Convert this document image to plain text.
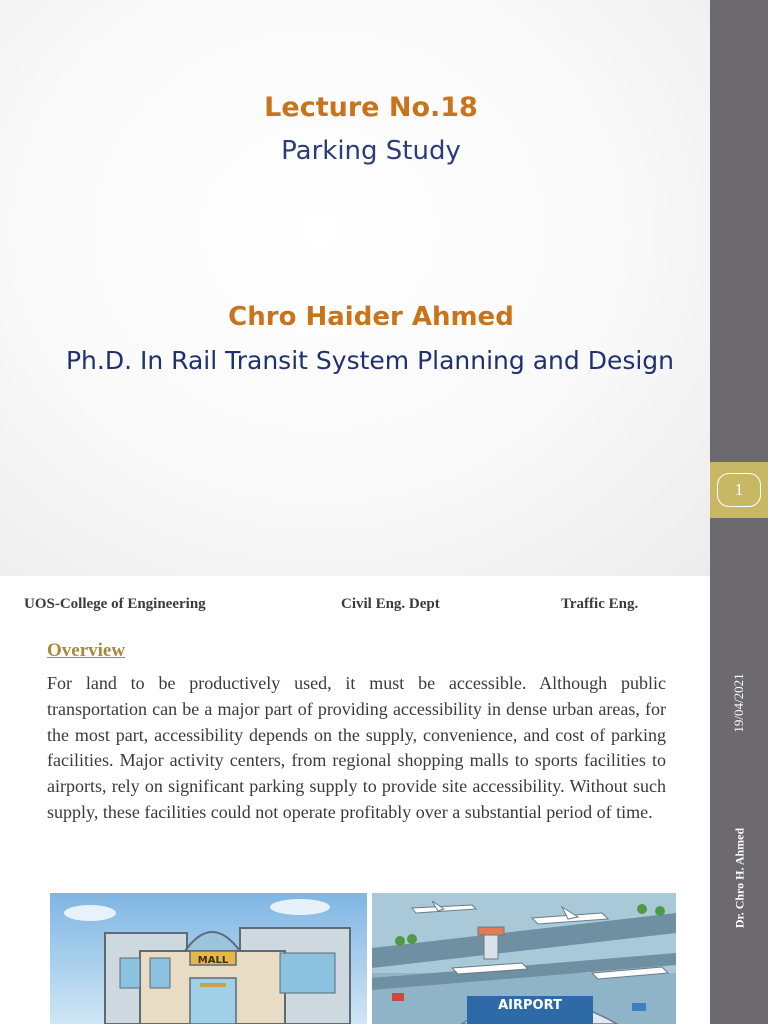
1
19/04/2021
Dr. Chro H. Ahmed
Lecture No.18
Parking Study
Chro Haider Ahmed
Ph.D. In Rail Transit System Planning and Design
UOS-College of Engineering	Civil Eng. Dept	Traffic Eng.
Overview
For land to be productively used, it must be accessible. Although public transportation can be a major part of providing accessibility in dense urban areas, for the most part, accessibility depends on the supply, convenience, and cost of parking facilities. Major activity centers, from regional shopping malls to sports facilities to airports, rely on significant parking supply to provide site accessibility. Without such supply, these facilities could not operate profitably over a substantial period of time.
MALL
AIRPORT
